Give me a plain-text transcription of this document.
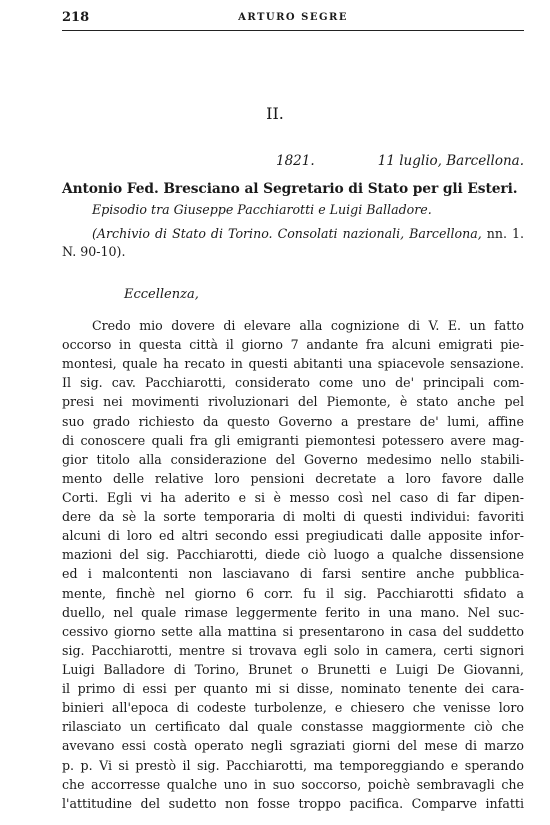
218	ARTURO SEGRE
II.
1821.	11 luglio, Barcellona.
Antonio Fed. Bresciano al Segretario di Stato per gli Esteri.
Episodio tra Giuseppe Pacchiarotti e Luigi Balladore.
(Archivio di Stato di Torino. Consolati nazionali, Barcellona, nn. 1. N. 90-10).
Eccellenza,
Credo mio dovere di elevare alla cognizione di V. E. un fatto
occorso in questa città il giorno 7 andante fra alcuni emigrati pie-
montesi, quale ha recato in questi abitanti una spiacevole sensazione.
Il sig. cav. Pacchiarotti, considerato come uno de' principali com-
presi nei movimenti rivoluzionari del Piemonte, è stato anche pel
suo grado richiesto da questo Governo a prestare de' lumi, affine
di conoscere quali fra gli emigranti piemontesi potessero avere mag-
gior titolo alla considerazione del Governo medesimo nello stabili-
mento delle relative loro pensioni decretate a loro favore dalle
Corti. Egli vi ha aderito e si è messo così nel caso di far dipen-
dere da sè la sorte temporaria di molti di questi individui: favoriti
alcuni di loro ed altri secondo essi pregiudicati dalle apposite infor-
mazioni del sig. Pacchiarotti, diede ciò luogo a qualche dissensione
ed i malcontenti non lasciavano di farsi sentire anche pubblica-
mente, finchè nel giorno 6 corr. fu il sig. Pacchiarotti sfidato a
duello, nel quale rimase leggermente ferito in una mano. Nel suc-
cessivo giorno sette alla mattina si presentarono in casa del suddetto
sig. Pacchiarotti, mentre si trovava egli solo in camera, certi signori
Luigi Balladore di Torino, Brunet o Brunetti e Luigi De Giovanni,
il primo di essi per quanto mi si disse, nominato tenente dei cara-
binieri all'epoca di codeste turbolenze, e chiesero che venisse loro
rilasciato un certificato dal quale constasse maggiormente ciò che
avevano essi costà operato negli sgraziati giorni del mese di marzo
p. p. Vi si prestò il sig. Pacchiarotti, ma temporeggiando e sperando
che accorresse qualche uno in suo soccorso, poichè sembravagli che
l'attitudine del sudetto non fosse troppo pacifica. Comparve infatti
